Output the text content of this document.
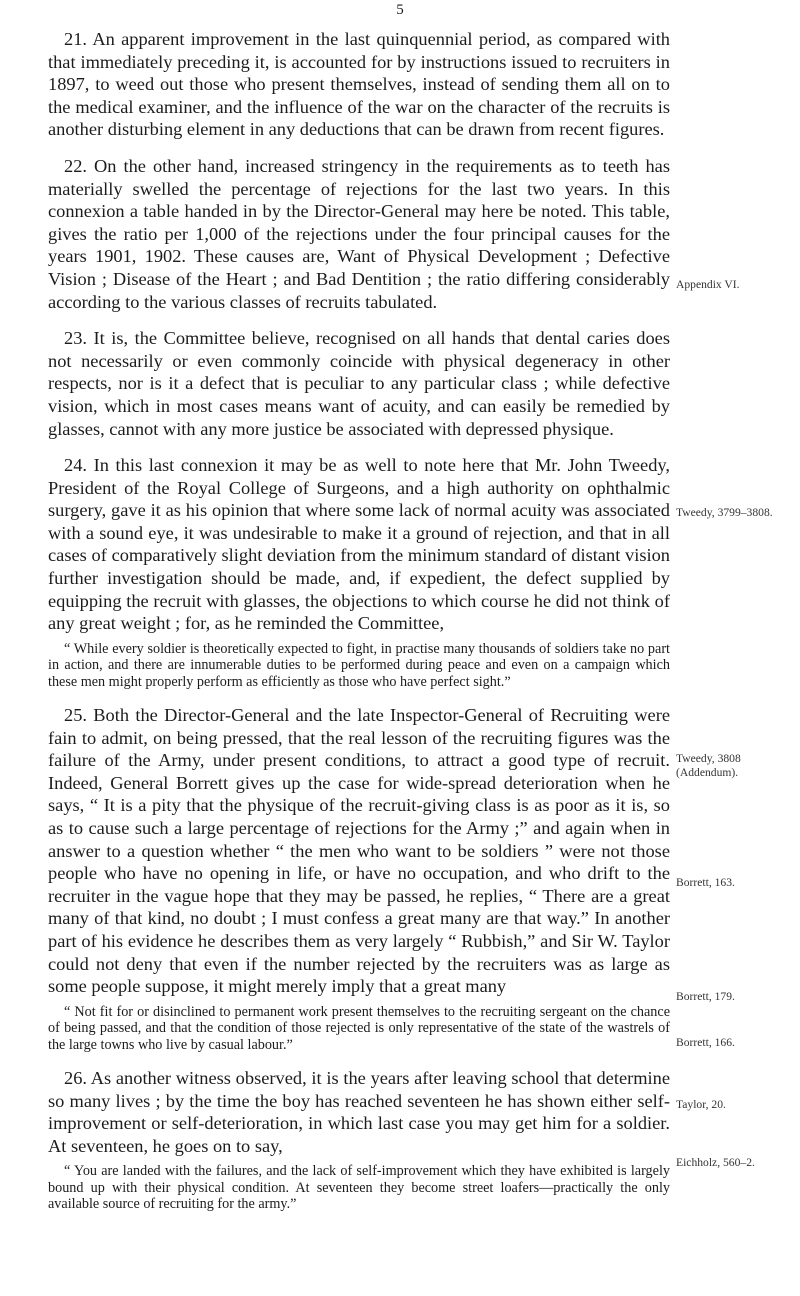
5

21. An apparent improvement in the last quinquennial period, as compared with that immediately preceding it, is accounted for by instructions issued to recruiters in 1897, to weed out those who present themselves, instead of sending them all on to the medical examiner, and the influence of the war on the character of the recruits is another disturbing element in any deductions that can be drawn from recent figures.

22. On the other hand, increased stringency in the requirements as to teeth has materially swelled the percentage of rejections for the last two years. In this connexion a table handed in by the Director-General may here be noted. This table, gives the ratio per 1,000 of the rejections under the four principal causes for the years 1901, 1902. These causes are, Want of Physical Development ; Defective Vision ; Disease of the Heart ; and Bad Dentition ; the ratio differing considerably according to the various classes of recruits tabulated.

23. It is, the Committee believe, recognised on all hands that dental caries does not necessarily or even commonly coincide with physical degeneracy in other respects, nor is it a defect that is peculiar to any particular class ; while defective vision, which in most cases means want of acuity, and can easily be remedied by glasses, cannot with any more justice be associated with depressed physique.

24. In this last connexion it may be as well to note here that Mr. John Tweedy, President of the Royal College of Surgeons, and a high authority on ophthalmic surgery, gave it as his opinion that where some lack of normal acuity was associated with a sound eye, it was undesirable to make it a ground of rejection, and that in all cases of comparatively slight deviation from the minimum standard of distant vision further investigation should be made, and, if expedient, the defect supplied by equipping the recruit with glasses, the objections to which course he did not think of any great weight ; for, as he reminded the Committee,

“ While every soldier is theoretically expected to fight, in practise many thousands of soldiers take no part in action, and there are innumerable duties to be performed during peace and even on a campaign which these men might properly perform as efficiently as those who have perfect sight.”

25. Both the Director-General and the late Inspector-General of Recruiting were fain to admit, on being pressed, that the real lesson of the recruiting figures was the failure of the Army, under present conditions, to attract a good type of recruit. Indeed, General Borrett gives up the case for wide-spread deterioration when he says, “ It is a pity that the physique of the recruit-giving class is as poor as it is, so as to cause such a large percentage of rejections for the Army ;” and again when in answer to a question whether “ the men who want to be soldiers ” were not those people who have no opening in life, or have no occupation, and who drift to the recruiter in the vague hope that they may be passed, he replies, “ There are a great many of that kind, no doubt ; I must confess a great many are that way.” In another part of his evidence he describes them as very largely “ Rubbish,” and Sir W. Taylor could not deny that even if the number rejected by the recruiters was as large as some people suppose, it might merely imply that a great many

“ Not fit for or disinclined to permanent work present themselves to the recruiting sergeant on the chance of being passed, and that the condition of those rejected is only representative of the state of the wastrels of the large towns who live by casual labour.”

26. As another witness observed, it is the years after leaving school that determine so many lives ; by the time the boy has reached seventeen he has shown either self-improvement or self-deterioration, in which last case you may get him for a soldier. At seventeen, he goes on to say,

“ You are landed with the failures, and the lack of self-improvement which they have exhibited is largely bound up with their physical condition. At seventeen they become street loafers—practically the only available source of recruiting for the army.”

Appendix VI.
Tweedy, 3799–3808.
Tweedy, 3808
(Addendum).
Borrett, 163.
Borrett, 179.
Borrett, 166.
Taylor, 20.
Eichholz, 560–2.
